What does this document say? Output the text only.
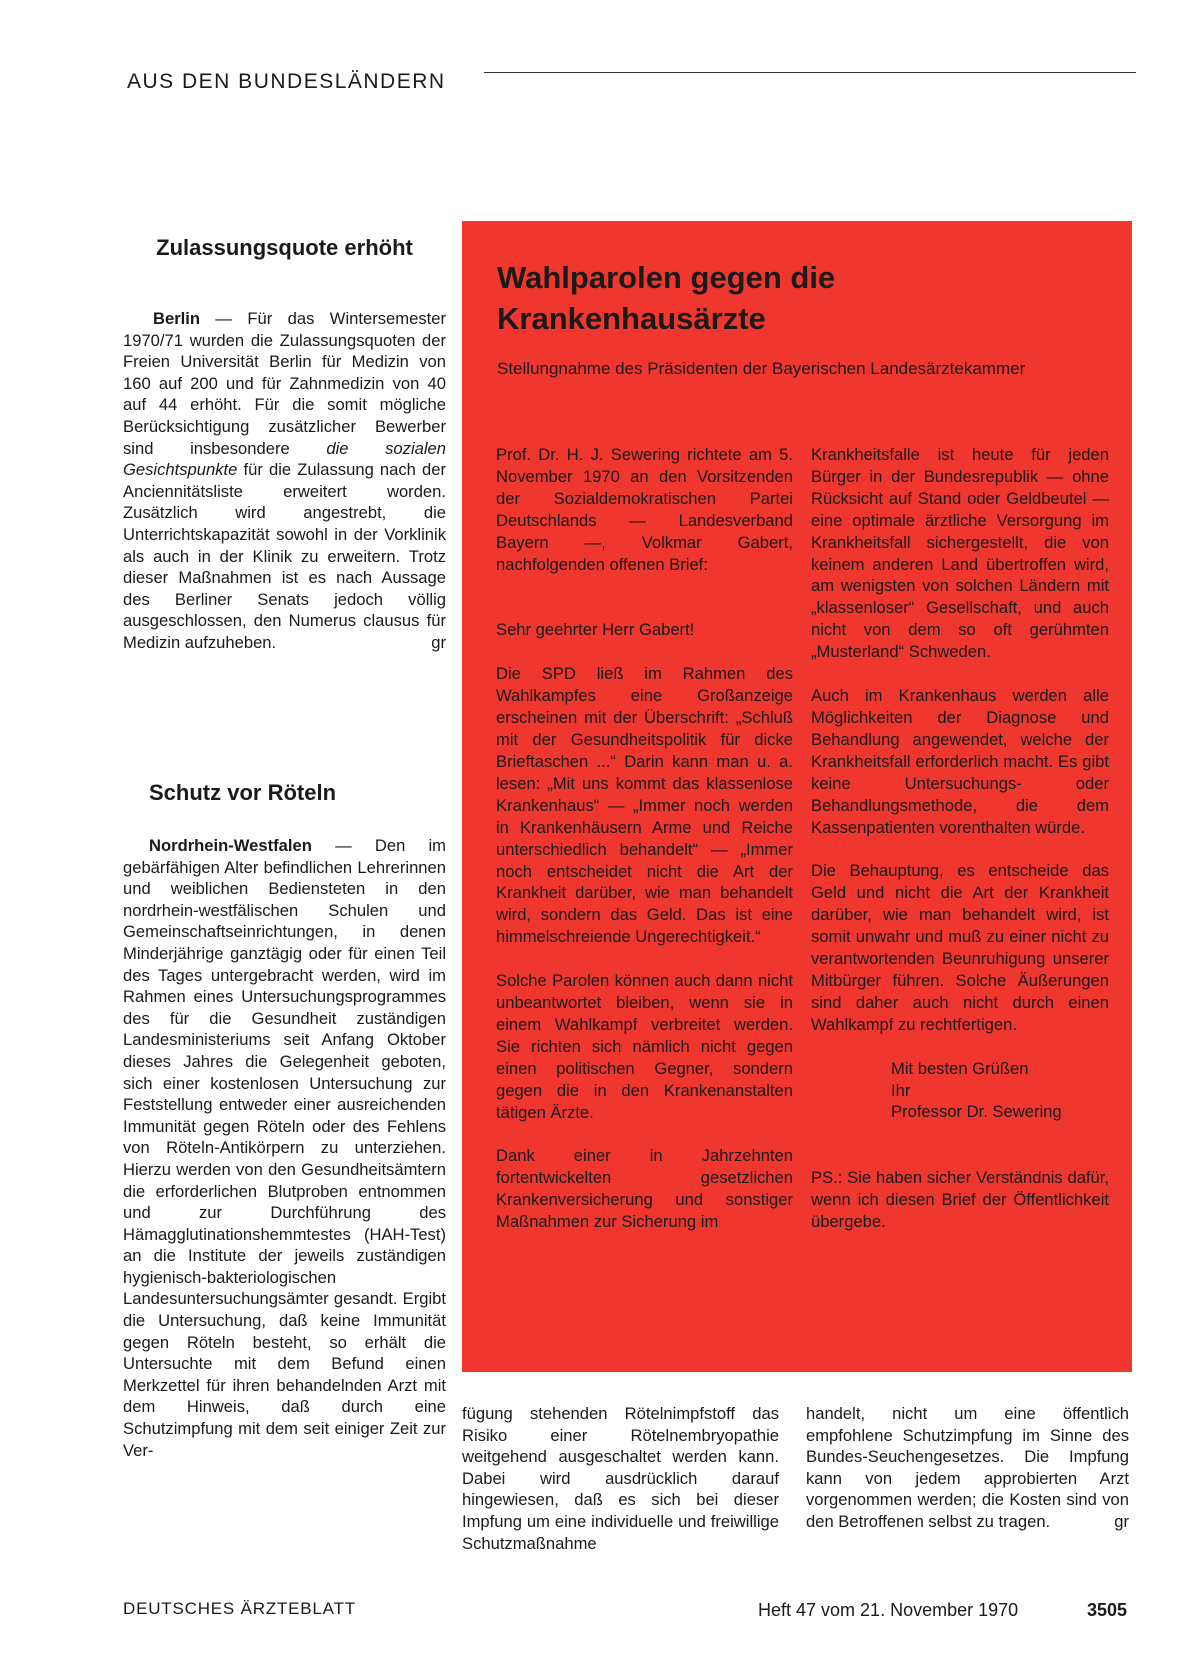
AUS DEN BUNDESLÄNDERN
Zulassungsquote erhöht

Berlin — Für das Wintersemester 1970/71 wurden die Zulassungsquoten der Freien Universität Berlin für Medizin von 160 auf 200 und für Zahnmedizin von 40 auf 44 erhöht. Für die somit mögliche Berücksichtigung zusätzlicher Bewerber sind insbesondere die sozialen Gesichtspunkte für die Zulassung nach der Anciennitätsliste erweitert worden. Zusätzlich wird angestrebt, die Unterrichtskapazität sowohl in der Vorklinik als auch in der Klinik zu erweitern. Trotz dieser Maßnahmen ist es nach Aussage des Berliner Senats jedoch völlig ausgeschlossen, den Numerus clausus für Medizin aufzuheben.	gr

Schutz vor Röteln

Nordrhein-Westfalen — Den im gebärfähigen Alter befindlichen Lehrerinnen und weiblichen Bediensteten in den nordrhein-westfälischen Schulen und Gemeinschaftseinrichtungen, in denen Minderjährige ganztägig oder für einen Teil des Tages untergebracht werden, wird im Rahmen eines Untersuchungsprogrammes des für die Gesundheit zuständigen Landesministeriums seit Anfang Oktober dieses Jahres die Gelegenheit geboten, sich einer kostenlosen Untersuchung zur Feststellung entweder einer ausreichenden Immunität gegen Röteln oder des Fehlens von Röteln-Antikörpern zu unterziehen. Hierzu werden von den Gesundheitsämtern die erforderlichen Blutproben entnommen und zur Durchführung des Hämagglutinationshemmtestes (HAH-Test) an die Institute der jeweils zuständigen hygienisch-bakteriologischen Landesuntersuchungsämter gesandt. Ergibt die Untersuchung, daß keine Immunität gegen Röteln besteht, so erhält die Untersuchte mit dem Befund einen Merkzettel für ihren behandelnden Arzt mit dem Hinweis, daß durch eine Schutzimpfung mit dem seit einiger Zeit zur Ver-

Wahlparolen gegen die Krankenhausärzte

Stellungnahme des Präsidenten der Bayerischen Landesärztekammer

Prof. Dr. H. J. Sewering richtete am 5. November 1970 an den Vorsitzenden der Sozialdemokratischen Partei Deutschlands — Landesverband Bayern —, Volkmar Gabert, nachfolgenden offenen Brief:

Sehr geehrter Herr Gabert!

Die SPD ließ im Rahmen des Wahlkampfes eine Großanzeige erscheinen mit der Überschrift: „Schluß mit der Gesundheitspolitik für dicke Brieftaschen ...“ Darin kann man u. a. lesen: „Mit uns kommt das klassenlose Krankenhaus“ — „Immer noch werden in Krankenhäusern Arme und Reiche unterschiedlich behandelt“ — „Immer noch entscheidet nicht die Art der Krankheit darüber, wie man behandelt wird, sondern das Geld. Das ist eine himmelschreiende Ungerechtigkeit.“

Solche Parolen können auch dann nicht unbeantwortet bleiben, wenn sie in einem Wahlkampf verbreitet werden. Sie richten sich nämlich nicht gegen einen politischen Gegner, sondern gegen die in den Krankenanstalten tätigen Ärzte.

Dank einer in Jahrzehnten fortentwickelten gesetzlichen Krankenversicherung und sonstiger Maßnahmen zur Sicherung im

Krankheitsfalle ist heute für jeden Bürger in der Bundesrepublik — ohne Rücksicht auf Stand oder Geldbeutel — eine optimale ärztliche Versorgung im Krankheitsfall sichergestellt, die von keinem anderen Land übertroffen wird, am wenigsten von solchen Ländern mit „klassenloser“ Gesellschaft, und auch nicht von dem so oft gerühmten „Musterland“ Schweden.

Auch im Krankenhaus werden alle Möglichkeiten der Diagnose und Behandlung angewendet, welche der Krankheitsfall erforderlich macht. Es gibt keine Untersuchungs- oder Behandlungsmethode, die dem Kassenpatienten vorenthalten würde.

Die Behauptung, es entscheide das Geld und nicht die Art der Krankheit darüber, wie man behandelt wird, ist somit unwahr und muß zu einer nicht zu verantwortenden Beunruhigung unserer Mitbürger führen. Solche Äußerungen sind daher auch nicht durch einen Wahlkampf zu rechtfertigen.

Mit besten Grüßen

Ihr

Professor Dr. Sewering

PS.: Sie haben sicher Verständnis dafür, wenn ich diesen Brief der Öffentlichkeit übergebe.

fügung stehenden Rötelnimpfstoff das Risiko einer Rötelnembryopathie weitgehend ausgeschaltet werden kann. Dabei wird ausdrücklich darauf hingewiesen, daß es sich bei dieser Impfung um eine individuelle und freiwillige Schutzmaßnahme

handelt, nicht um eine öffentlich empfohlene Schutzimpfung im Sinne des Bundes-Seuchengesetzes. Die Impfung kann von jedem approbierten Arzt vorgenommen werden; die Kosten sind von den Betroffenen selbst zu tragen.	gr

DEUTSCHES ÄRZTEBLATT	Heft 47 vom 21. November 1970	3505
